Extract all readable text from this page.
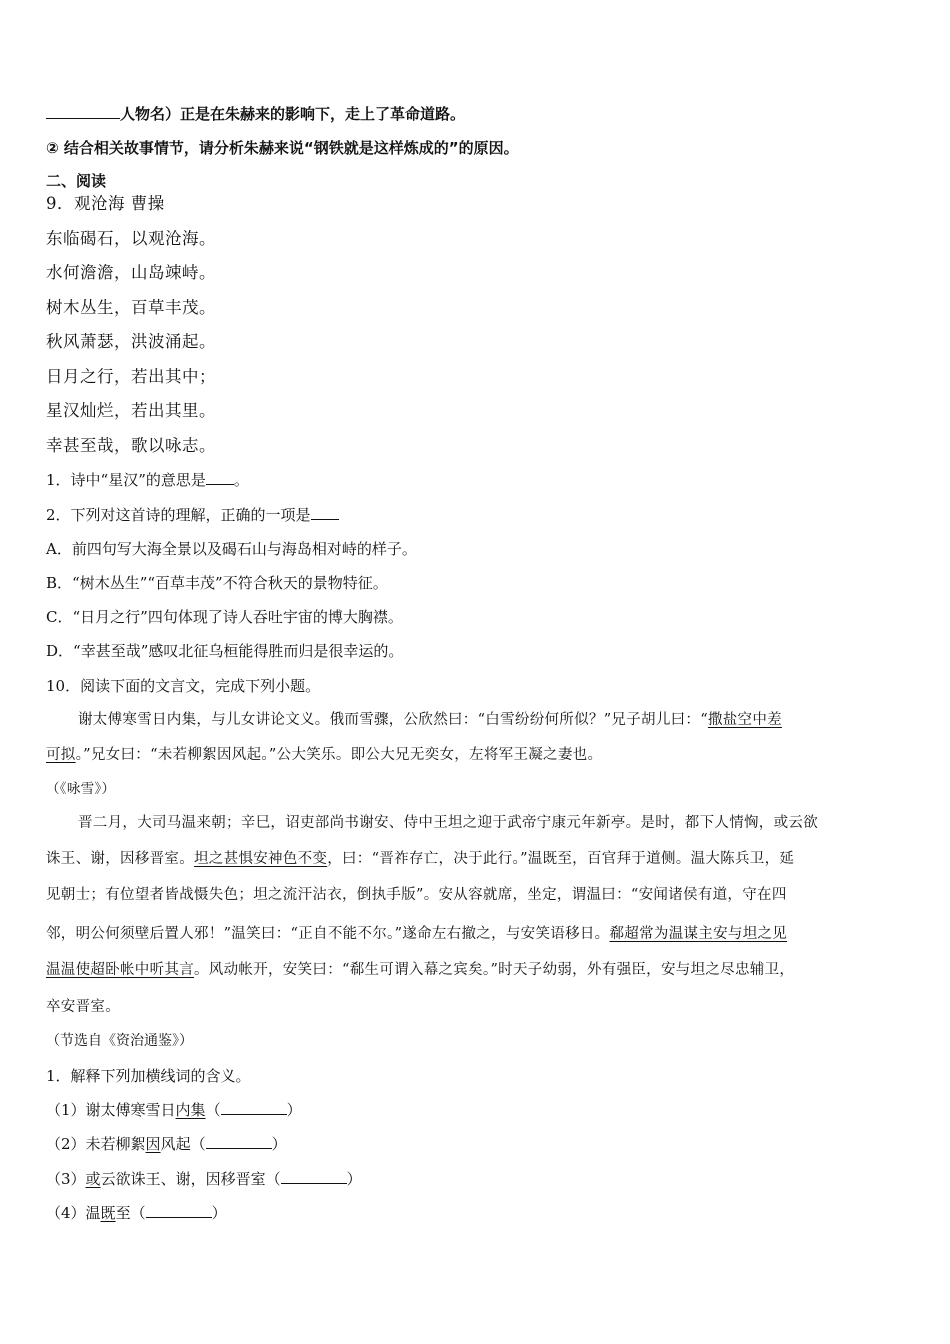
人物名）正是在朱赫来的影响下，走上了革命道路。
② 结合相关故事情节，请分析朱赫来说“钢铁就是这样炼成的”的原因。
二、阅读
9．观沧海 曹操
东临碣石，以观沧海。
水何澹澹，山岛竦峙。
树木丛生，百草丰茂。
秋风萧瑟，洪波涌起。
日月之行，若出其中；
星汉灿烂，若出其里。
幸甚至哉，歌以咏志。
1．诗中“星汉”的意思是 。
2．下列对这首诗的理解，正确的一项是
A．前四句写大海全景以及碣石山与海岛相对峙的样子。
B．“树木丛生”“百草丰茂”不符合秋天的景物特征。
C．“日月之行”四句体现了诗人吞吐宇宙的博大胸襟。
D．“幸甚至哉”感叹北征乌桓能得胜而归是很幸运的。
10．阅读下面的文言文，完成下列小题。
谢太傅寒雪日内集，与儿女讲论文义。俄而雪骤，公欣然曰：“白雪纷纷何所似？”兄子胡儿曰：“撒盐空中差
可拟。”兄女曰：“未若柳絮因风起。”公大笑乐。即公大兄无奕女，左将军王凝之妻也。
（《咏雪》）
晋二月，大司马温来朝；辛巳，诏吏部尚书谢安、侍中王坦之迎于武帝宁康元年新亭。是时，都下人情恟，或云欲
诛王、谢，因移晋室。坦之甚惧安神色不变，曰：“晋祚存亡，决于此行。”温既至，百官拜于道侧。温大陈兵卫，延
见朝士；有位望者皆战慑失色；坦之流汗沾衣，倒执手版”。安从容就席，坐定，谓温曰：“安闻诸侯有道，守在四
邻，明公何须壁后置人邪！”温笑曰：“正自不能不尔。”遂命左右撤之，与安笑语移日。郗超常为温谋主安与坦之见
温温使超卧帐中听其言。风动帐开，安笑曰：“郗生可谓入幕之宾矣。”时天子幼弱，外有强臣，安与坦之尽忠辅卫，
卒安晋室。
（节选自《资治通鉴》）
1．解释下列加横线词的含义。
（1）谢太傅寒雪日内集（	）
（2）未若柳絮因风起（	）
（3）或云欲诛王、谢，因移晋室（	）
（4）温既至（	）
